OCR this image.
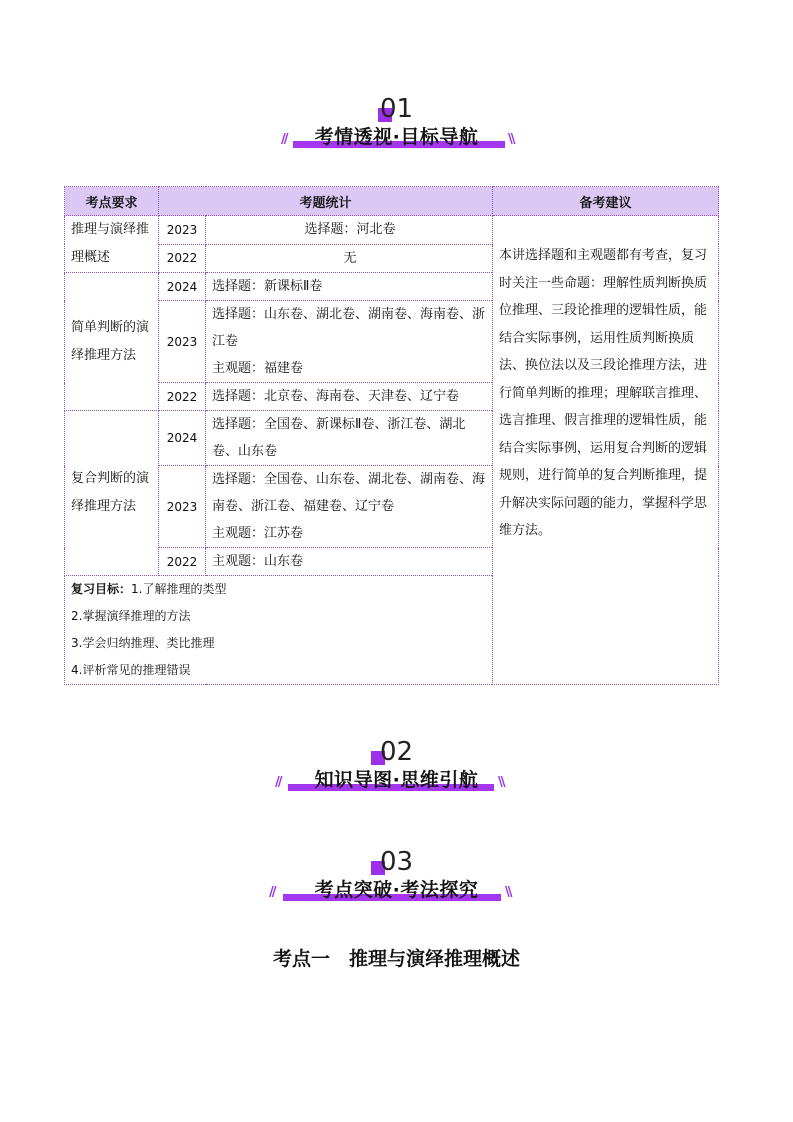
01
//	考情透视·目标导航	\\
考点要求	考题统计		备考建议
推理与演绎推理概述	2023	选择题：河北卷	本讲选择题和主观题都有考查，复习时关注一些命题：理解性质判断换质位推理、三段论推理的逻辑性质，能结合实际事例，运用性质判断换质法、换位法以及三段论推理方法，进行简单判断的推理；理解联言推理、选言推理、假言推理的逻辑性质，能结合实际事例，运用复合判断的逻辑规则，进行简单的复合判断推理，提升解决实际问题的能力，掌握科学思维方法。

	2022	无	
简单判断的演绎推理方法	2024	选择题：新课标Ⅱ卷	
	2023	选择题：山东卷、湖北卷、湖南卷、海南卷、浙江卷
主观题：福建卷	

	2022	选择题：北京卷、海南卷、天津卷、辽宁卷	
复合判断的演绎推理方法	2024	选择题：全国卷、新课标Ⅱ卷、浙江卷、湖北卷、山东卷	
	2023	选择题：全国卷、山东卷、湖北卷、湖南卷、海南卷、浙江卷、福建卷、辽宁卷
主观题：江苏卷	

	2022	主观题：山东卷	

复习目标：1.了解推理的类型
2.掌握演绎推理的方法
3.学会归纳推理、类比推理
4.评析常见的推理错误			
02
//	知识导图·思维引航	\\
03
//	考点突破·考法探究	\\
考点一　推理与演绎推理概述
